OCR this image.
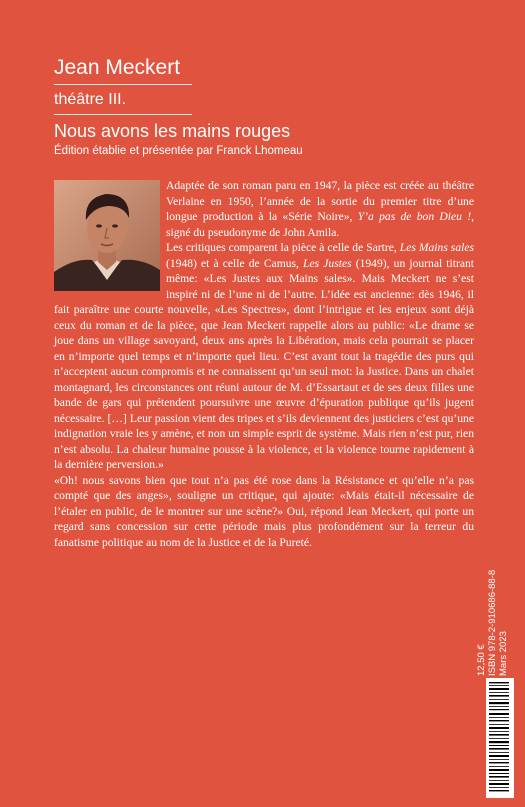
Jean Meckert
théâtre III.
Nous avons les mains rouges
Édition établie et présentée par Franck Lhomeau

Adaptée de son roman paru en 1947, la pièce est créée au théâtre Verlaine en 1950, l’année de la sortie du premier titre d’une longue production à la «Série Noire», Y’a pas de bon Dieu !, signé du pseudonyme de John Amila.

Les critiques comparent la pièce à celle de Sartre, Les Mains sales (1948) et à celle de Camus, Les Justes (1949), un journal titrant même: «Les Justes aux Mains sales». Mais Meckert ne s’est inspiré ni de l’une ni de l’autre. L’idée est ancienne: dès 1946, il fait paraître une courte nouvelle, «Les Spectres», dont l’intrigue et les enjeux sont déjà ceux du roman et de la pièce, que Jean Meckert rappelle alors au public: «Le drame se joue dans un village savoyard, deux ans après la Libération, mais cela pourrait se placer en n’importe quel temps et n’importe quel lieu. C’est avant tout la tragédie des purs qui n’acceptent aucun compromis et ne connaissent qu’un seul mot: la Justice. Dans un chalet montagnard, les circonstances ont réuni autour de M. d’Essartaut et de ses deux filles une bande de gars qui prétendent poursuivre une œuvre d’épuration publique qu’ils jugent nécessaire. […] Leur passion vient des tripes et s’ils deviennent des justiciers c’est qu’une indignation vraie les y amène, et non un simple esprit de système. Mais rien n’est pur, rien n’est absolu. La chaleur humaine pousse à la violence, et la violence tourne rapidement à la dernière perversion.»

«Oh! nous savons bien que tout n’a pas été rose dans la Résistance et qu’elle n’a pas compté que des anges», souligne un critique, qui ajoute: «Mais était-il nécessaire de l’étaler en public, de le montrer sur une scène?» Oui, répond Jean Meckert, qui porte un regard sans concession sur cette période mais plus profondément sur la terreur du fanatisme politique au nom de la Justice et de la Pureté.

12,50 € ISBN 978-2-910686-88-8 Mars 2023
